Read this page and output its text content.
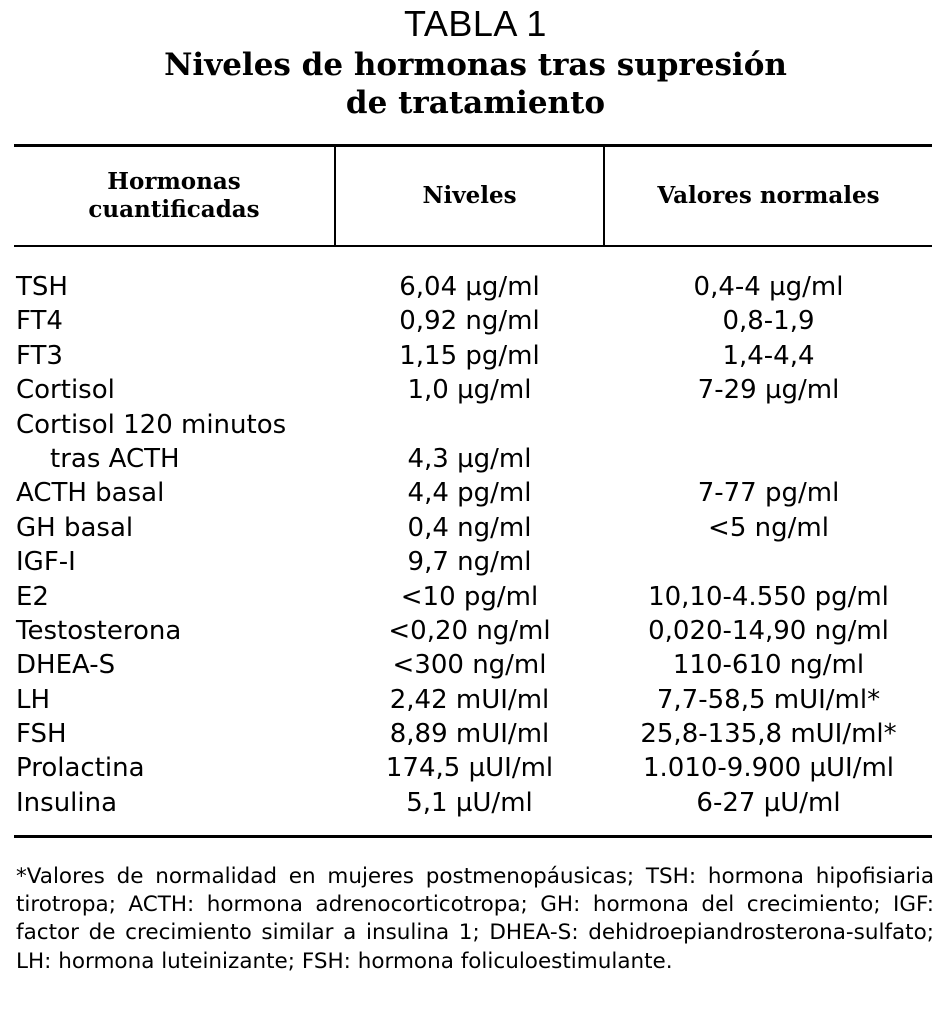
TABLA 1
Niveles de hormonas tras supresión
de tratamiento
Hormonas
cuantificadas
Niveles	Valores normales
TSH	6,04 µg/ml	0,4-4 µg/ml
FT4	0,92 ng/ml	0,8-1,9
FT3	1,15 pg/ml	1,4-4,4
Cortisol	1,0 µg/ml	7-29 µg/ml
Cortisol 120 minutos
tras ACTH	4,3 µg/ml
ACTH basal	4,4 pg/ml	7-77 pg/ml
GH basal	0,4 ng/ml	<5 ng/ml
IGF-I	9,7 ng/ml
E2	<10 pg/ml	10,10-4.550 pg/ml
Testosterona	<0,20 ng/ml	0,020-14,90 ng/ml
DHEA-S	<300 ng/ml	110-610 ng/ml
LH	2,42 mUI/ml	7,7-58,5 mUI/ml*
FSH	8,89 mUI/ml	25,8-135,8 mUI/ml*
Prolactina	174,5 µUI/ml	1.010-9.900 µUI/ml
Insulina	5,1 µU/ml	6-27 µU/ml
*Valores de normalidad en mujeres postmenopáusicas; TSH: hormona hipofisiaria tirotropa; ACTH: hormona adrenocorticotropa; GH: hormona del crecimiento; IGF: factor de crecimiento similar a insulina 1; DHEA-S: dehidroepiandrosterona-sulfato; LH: hormona luteinizante; FSH: hormona foliculoestimulante.
